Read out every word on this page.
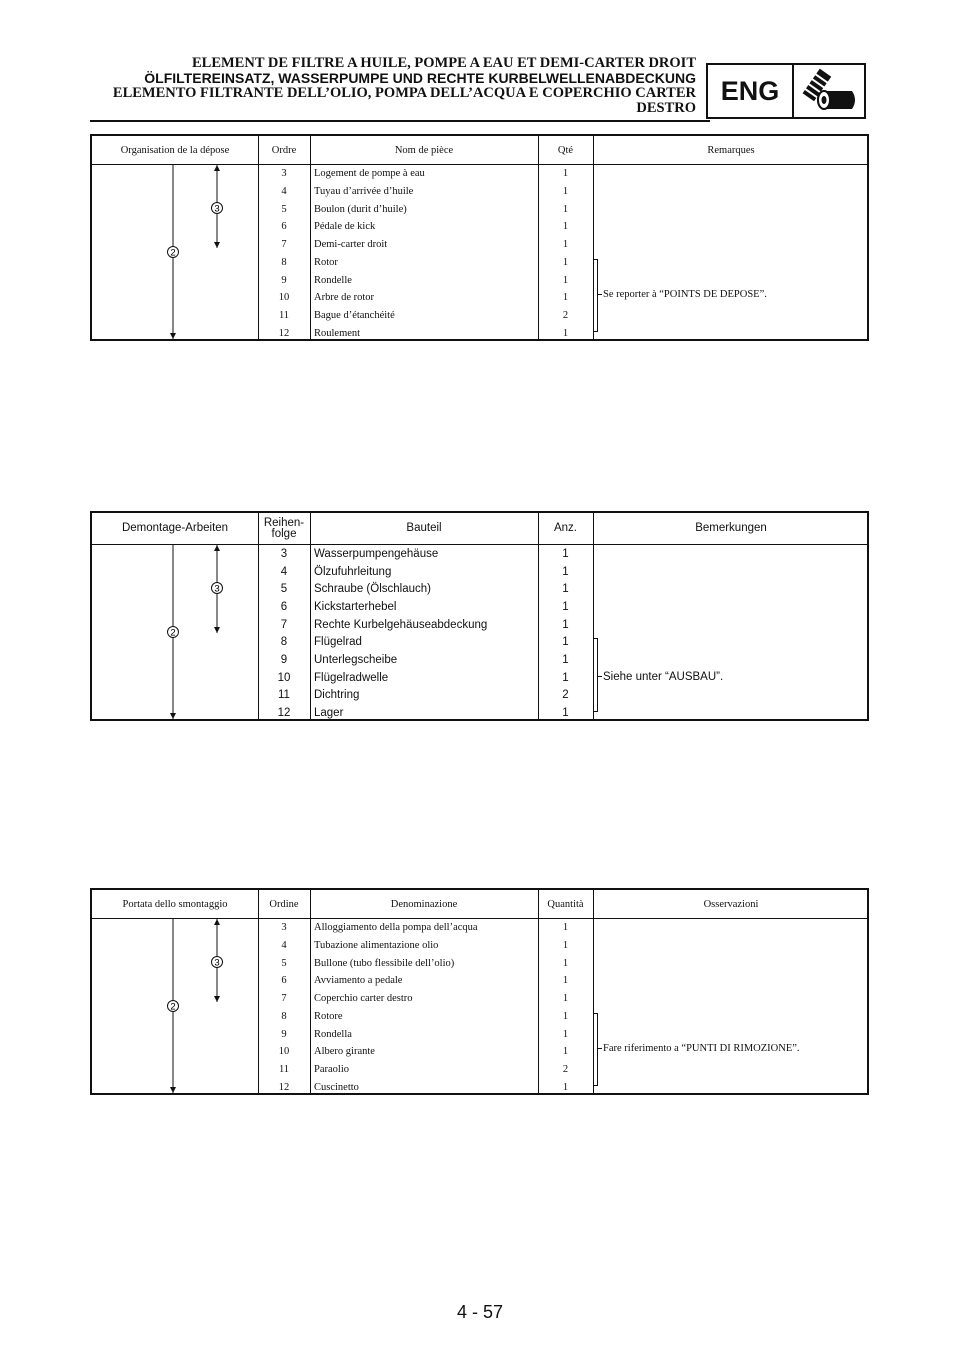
ELEMENT DE FILTRE A HUILE, POMPE A EAU ET DEMI-CARTER DROIT
ÖLFILTEREINSATZ, WASSERPUMPE UND RECHTE KURBELWELLENABDECKUNG
ELEMENTO FILTRANTE DELL’OLIO, POMPA DELL’ACQUA E COPERCHIO CARTER
DESTRO
ENG
Organisation de la dépose	Ordre	Nom de pièce	Qté	Remarques
2
3
Se reporter à “POINTS DE DEPOSE”.
3	Logement de pompe à eau	1
4	Tuyau d’arrivée d’huile	1
5	Boulon (durit d’huile)	1
6	Pédale de kick	1
7	Demi-carter droit	1
8	Rotor	1
9	Rondelle	1
10	Arbre de rotor	1
11	Bague d’étanchéité	2
12	Roulement	1
Demontage-Arbeiten	Reihen-
folge	Bauteil	Anz.	Bemerkungen
2
3
Siehe unter “AUSBAU”.
3	Wasserpumpengehäuse	1
4	Ölzufuhrleitung	1
5	Schraube (Ölschlauch)	1
6	Kickstarterhebel	1
7	Rechte Kurbelgehäuseabdeckung	1
8	Flügelrad	1
9	Unterlegscheibe	1
10	Flügelradwelle	1
11	Dichtring	2
12	Lager	1
Portata dello smontaggio	Ordine	Denominazione	Quantità	Osservazioni
2
3
Fare riferimento a “PUNTI DI RIMOZIONE”.
3	Alloggiamento della pompa dell’acqua	1
4	Tubazione alimentazione olio	1
5	Bullone (tubo flessibile dell’olio)	1
6	Avviamento a pedale	1
7	Coperchio carter destro	1
8	Rotore	1
9	Rondella	1
10	Albero girante	1
11	Paraolio	2
12	Cuscinetto	1
4 - 57
